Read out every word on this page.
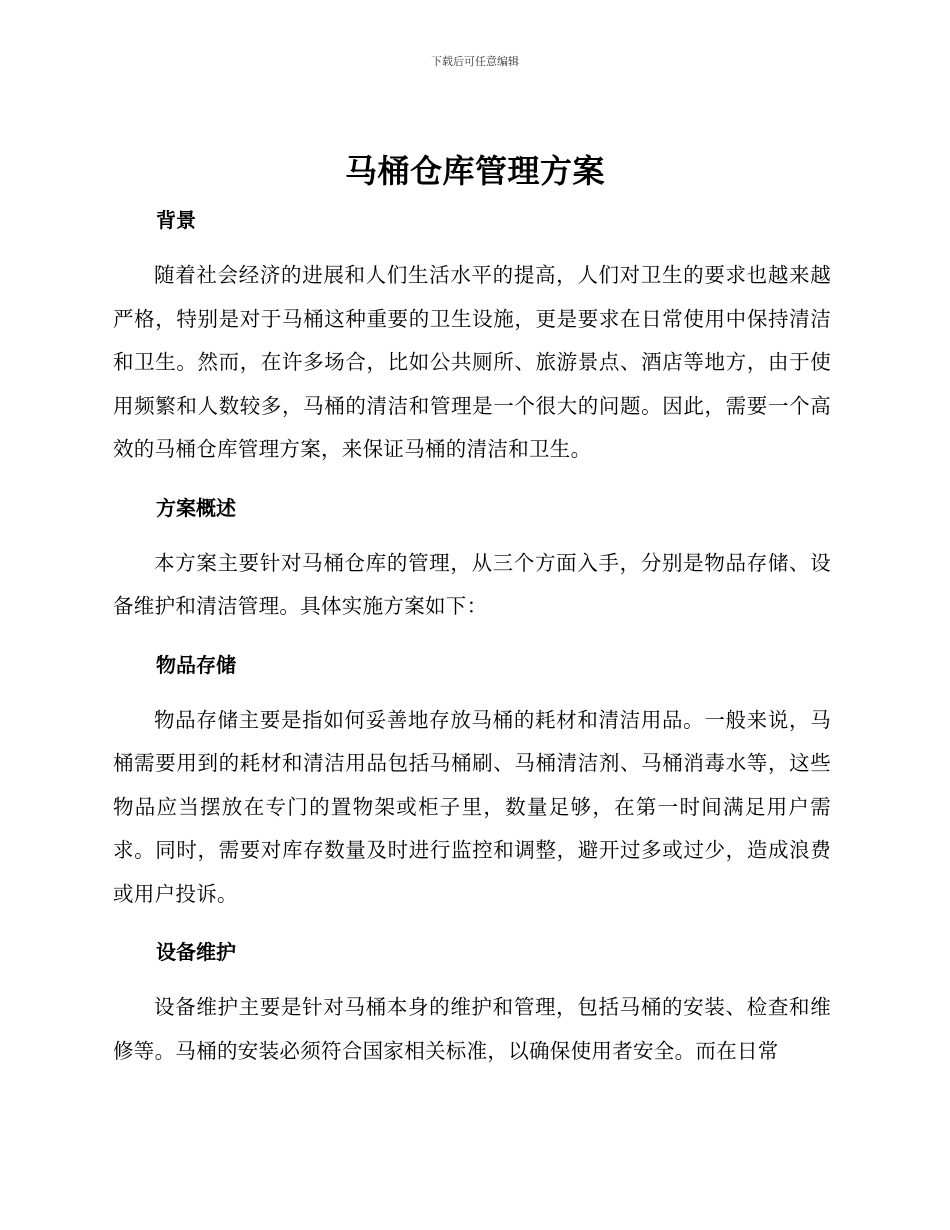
下载后可任意编辑
马桶仓库管理方案
背景

随着社会经济的进展和人们生活水平的提高，人们对卫生的要求也越来越严格，特别是对于马桶这种重要的卫生设施，更是要求在日常使用中保持清洁和卫生。然而，在许多场合，比如公共厕所、旅游景点、酒店等地方，由于使用频繁和人数较多，马桶的清洁和管理是一个很大的问题。因此，需要一个高效的马桶仓库管理方案，来保证马桶的清洁和卫生。

方案概述

本方案主要针对马桶仓库的管理，从三个方面入手，分别是物品存储、设备维护和清洁管理。具体实施方案如下：

物品存储

物品存储主要是指如何妥善地存放马桶的耗材和清洁用品。一般来说，马桶需要用到的耗材和清洁用品包括马桶刷、马桶清洁剂、马桶消毒水等，这些物品应当摆放在专门的置物架或柜子里，数量足够，在第一时间满足用户需求。同时，需要对库存数量及时进行监控和调整，避开过多或过少，造成浪费或用户投诉。

设备维护

设备维护主要是针对马桶本身的维护和管理，包括马桶的安装、检查和维修等。马桶的安装必须符合国家相关标准，以确保使用者安全。而在日常
